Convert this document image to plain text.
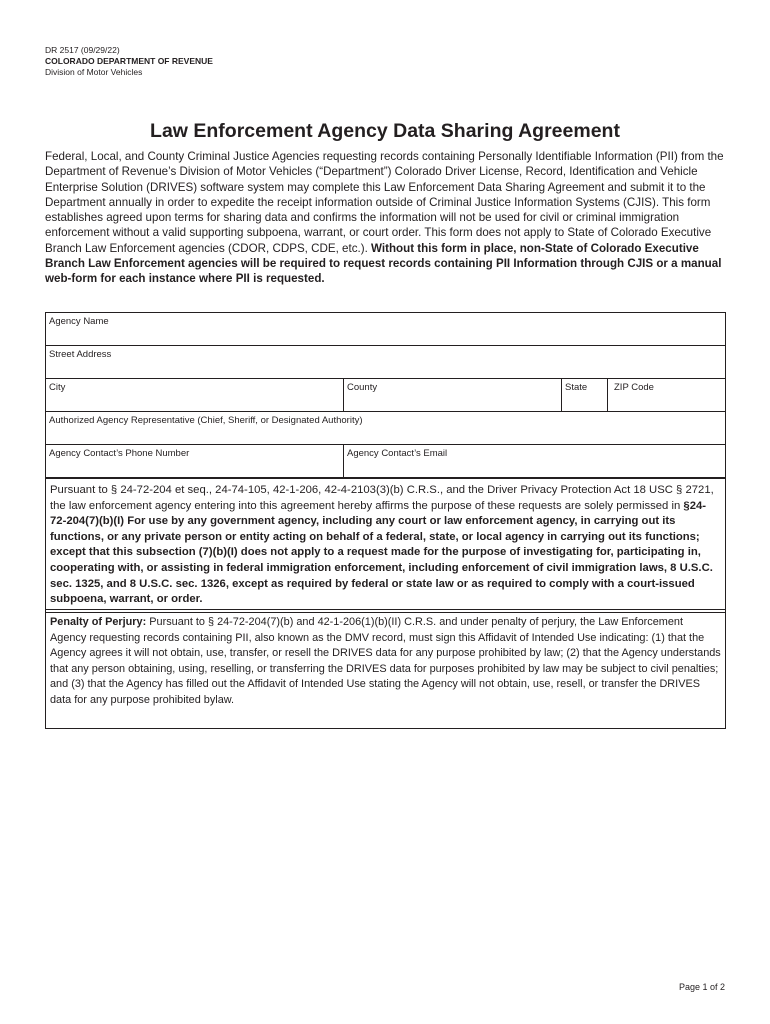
DR 2517 (09/29/22)
COLORADO DEPARTMENT OF REVENUE
Division of Motor Vehicles
Law Enforcement Agency Data Sharing Agreement

Federal, Local, and County Criminal Justice Agencies requesting records containing Personally Identifiable Information (PII) from the Department of Revenue’s Division of Motor Vehicles (“Department”) Colorado Driver License, Record, Identification and Vehicle Enterprise Solution (DRIVES) software system may complete this Law Enforcement Data Sharing Agreement and submit it to the Department annually in order to expedite the receipt information outside of Criminal Justice Information Systems (CJIS). This form establishes agreed upon terms for sharing data and confirms the information will not be used for civil or criminal immigration enforcement without a valid supporting subpoena, warrant, or court order. This form does not apply to State of Colorado Executive Branch Law Enforcement agencies (CDOR, CDPS, CDE, etc.). Without this form in place, non-State of Colorado Executive Branch Law Enforcement agencies will be required to request records containing PII Information through CJIS or a manual web-form for each instance where PII is requested.

Agency Name
Street Address
City	County	State	ZIP Code
Authorized Agency Representative (Chief, Sheriff, or Designated Authority)
Agency Contact’s Phone Number	Agency Contact’s Email
Pursuant to § 24-72-204 et seq., 24-74-105, 42-1-206, 42-4-2103(3)(b) C.R.S., and the Driver Privacy Protection Act 18 USC § 2721, the law enforcement agency entering into this agreement hereby affirms the purpose of these requests are solely permissed in §24-72-204(7)(b)(I) For use by any government agency, including any court or law enforcement agency, in carrying out its functions, or any private person or entity acting on behalf of a federal, state, or local agency in carrying out its functions; except that this subsection (7)(b)(I) does not apply to a request made for the purpose of investigating for, participating in, cooperating with, or assisting in federal immigration enforcement, including enforcement of civil immigration laws, 8 U.S.C. sec. 1325, and 8 U.S.C. sec. 1326, except as required by federal or state law or as required to comply with a court-issued subpoena, warrant, or order.
Penalty of Perjury: Pursuant to § 24-72-204(7)(b) and 42-1-206(1)(b)(II) C.R.S. and under penalty of perjury, the Law Enforcement Agency requesting records containing PII, also known as the DMV record, must sign this Affidavit of Intended Use indicating: (1) that the Agency agrees it will not obtain, use, transfer, or resell the DRIVES data for any purpose prohibited by law; (2) that the Agency understands that any person obtaining, using, reselling, or transferring the DRIVES data for purposes prohibited by law may be subject to civil penalties; and (3) that the Agency has filled out the Affidavit of Intended Use stating the Agency will not obtain, use, resell, or transfer the DRIVES data for any purpose prohibited bylaw.
Page 1 of 2
